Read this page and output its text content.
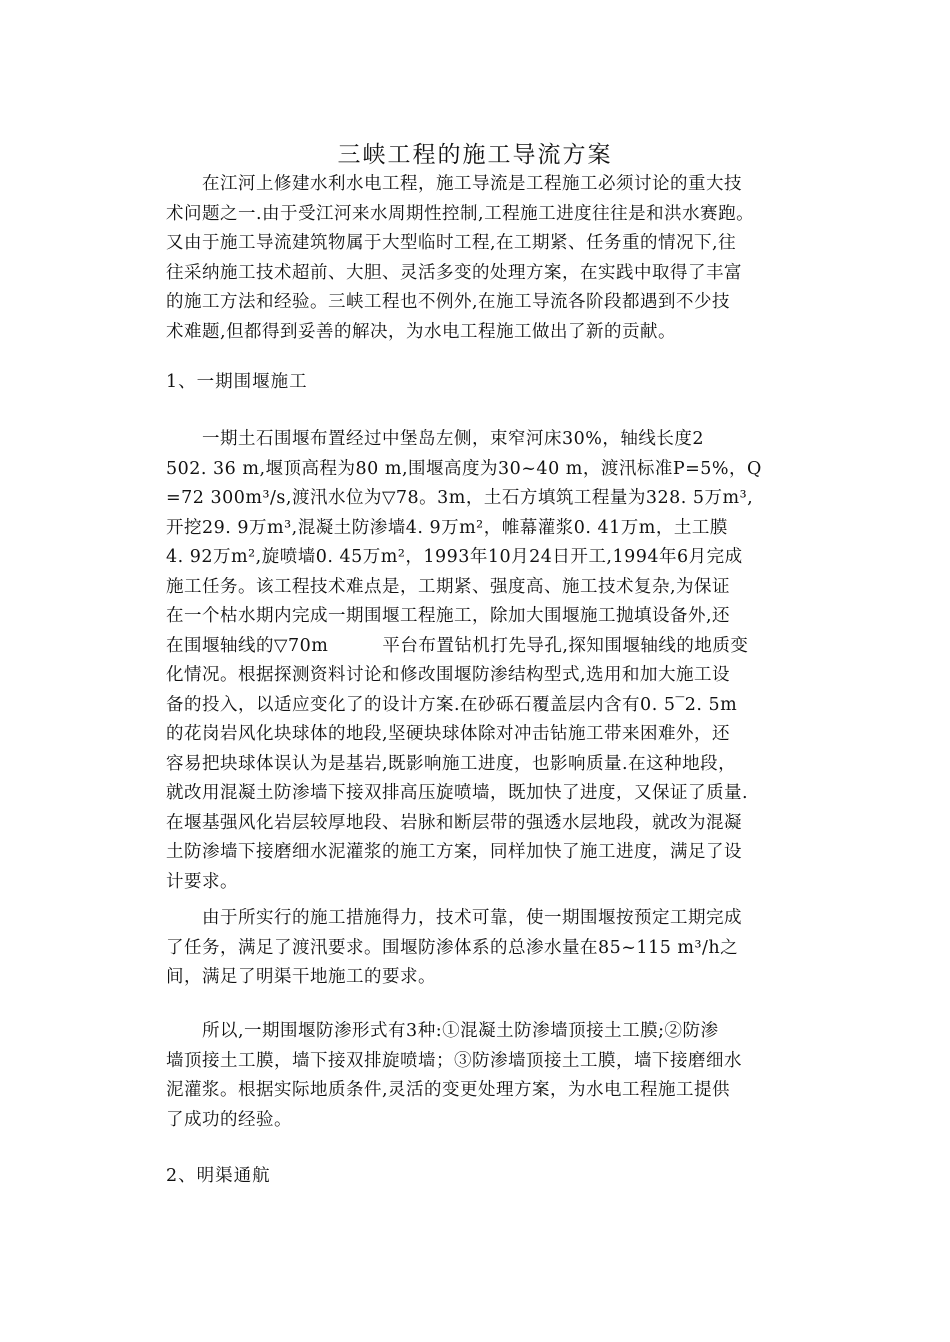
三峡工程的施工导流方案
　　在江河上修建水利水电工程，施工导流是工程施工必须讨论的重大技
术问题之一.由于受江河来水周期性控制,工程施工进度往往是和洪水赛跑。
又由于施工导流建筑物属于大型临时工程,在工期紧、任务重的情况下,往
往采纳施工技术超前、大胆、灵活多变的处理方案，在实践中取得了丰富
的施工方法和经验。三峡工程也不例外,在施工导流各阶段都遇到不少技
术难题,但都得到妥善的解决，为水电工程施工做出了新的贡献。
1、一期围堰施工
　　一期土石围堰布置经过中堡岛左侧，束窄河床30%，轴线长度2
502. 36 m,堰顶高程为80 m,围堰高度为30~40 m，渡汛标准P=5%，Q
=72 300m³/s,渡汛水位为▽78。3m，土石方填筑工程量为328. 5万m³,
开挖29. 9万m³,混凝土防渗墙4. 9万m²，帷幕灌浆0. 41万m，土工膜
4. 92万m²,旋喷墙0. 45万m²，1993年10月24日开工,1994年6月完成
施工任务。该工程技术难点是，工期紧、强度高、施工技术复杂,为保证
在一个枯水期内完成一期围堰工程施工，除加大围堰施工抛填设备外,还
在围堰轴线的▽70m　　　平台布置钻机打先导孔,探知围堰轴线的地质变
化情况。根据探测资料讨论和修改围堰防渗结构型式,选用和加大施工设
备的投入，以适应变化了的设计方案.在砂砾石覆盖层内含有0. 5‾2. 5m
的花岗岩风化块球体的地段,坚硬块球体除对冲击钻施工带来困难外，还
容易把块球体误认为是基岩,既影响施工进度，也影响质量.在这种地段，
就改用混凝土防渗墙下接双排高压旋喷墙，既加快了进度，又保证了质量.
在堰基强风化岩层较厚地段、岩脉和断层带的强透水层地段，就改为混凝
土防渗墙下接磨细水泥灌浆的施工方案，同样加快了施工进度，满足了设
计要求。
　　由于所实行的施工措施得力，技术可靠，使一期围堰按预定工期完成
了任务，满足了渡汛要求。围堰防渗体系的总渗水量在85~115 m³/h之
间，满足了明渠干地施工的要求。
　　所以,一期围堰防渗形式有3种:①混凝土防渗墙顶接土工膜;②防渗
墙顶接土工膜，墙下接双排旋喷墙；③防渗墙顶接土工膜，墙下接磨细水
泥灌浆。根据实际地质条件,灵活的变更处理方案，为水电工程施工提供
了成功的经验。
2、明渠通航
